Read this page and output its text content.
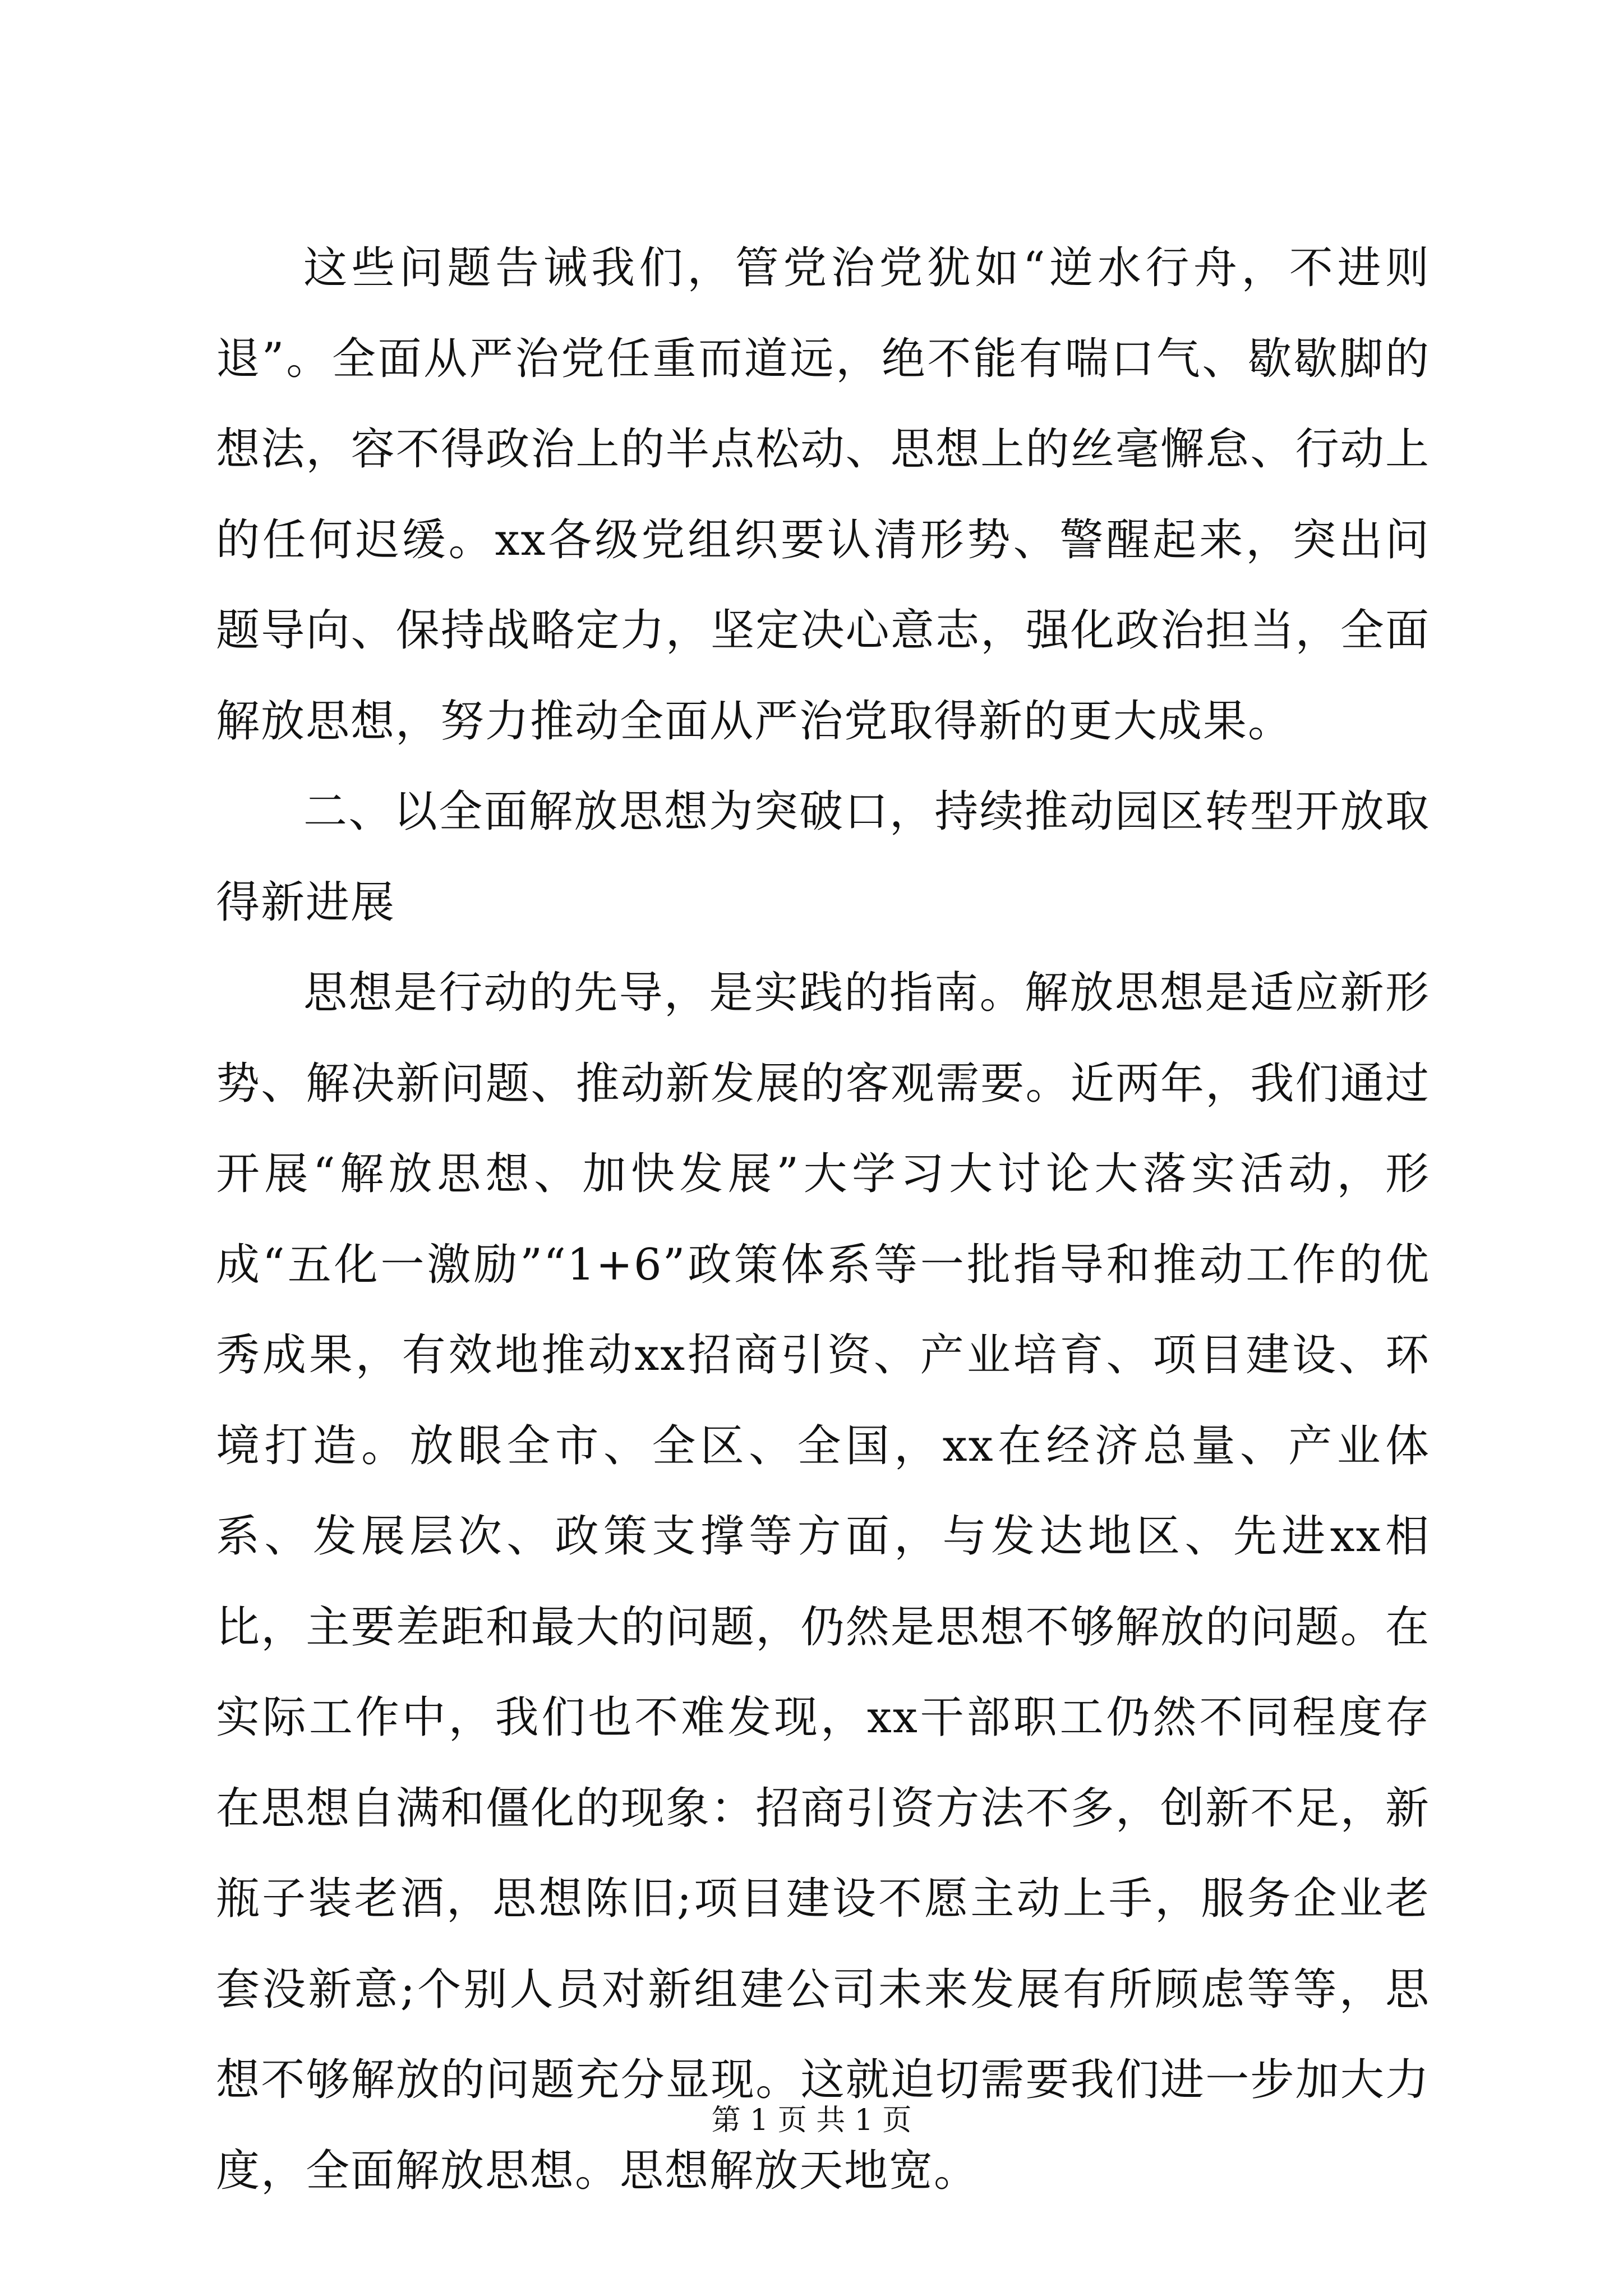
这些问题告诫我们，管党治党犹如“逆水行舟，不进则退”。全面从严治党任重而道远，绝不能有喘口气、歇歇脚的想法，容不得政治上的半点松动、思想上的丝毫懈怠、行动上的任何迟缓。xx各级党组织要认清形势、警醒起来，突出问题导向、保持战略定力，坚定决心意志，强化政治担当，全面解放思想，努力推动全面从严治党取得新的更大成果。

二、以全面解放思想为突破口，持续推动园区转型开放取得新进展

思想是行动的先导，是实践的指南。解放思想是适应新形势、解决新问题、推动新发展的客观需要。近两年，我们通过开展“解放思想、加快发展”大学习大讨论大落实活动，形成“五化一激励”“1+6”政策体系等一批指导和推动工作的优秀成果，有效地推动xx招商引资、产业培育、项目建设、环境打造。放眼全市、全区、全国，xx在经济总量、产业体系、发展层次、政策支撑等方面，与发达地区、先进xx相比，主要差距和最大的问题，仍然是思想不够解放的问题。在实际工作中，我们也不难发现，xx干部职工仍然不同程度存在思想自满和僵化的现象：招商引资方法不多，创新不足，新瓶子装老酒，思想陈旧;项目建设不愿主动上手，服务企业老套没新意;个别人员对新组建公司未来发展有所顾虑等等，思想不够解放的问题充分显现。这就迫切需要我们进一步加大力度，全面解放思想。思想解放天地宽。

第 1 页 共 1 页
